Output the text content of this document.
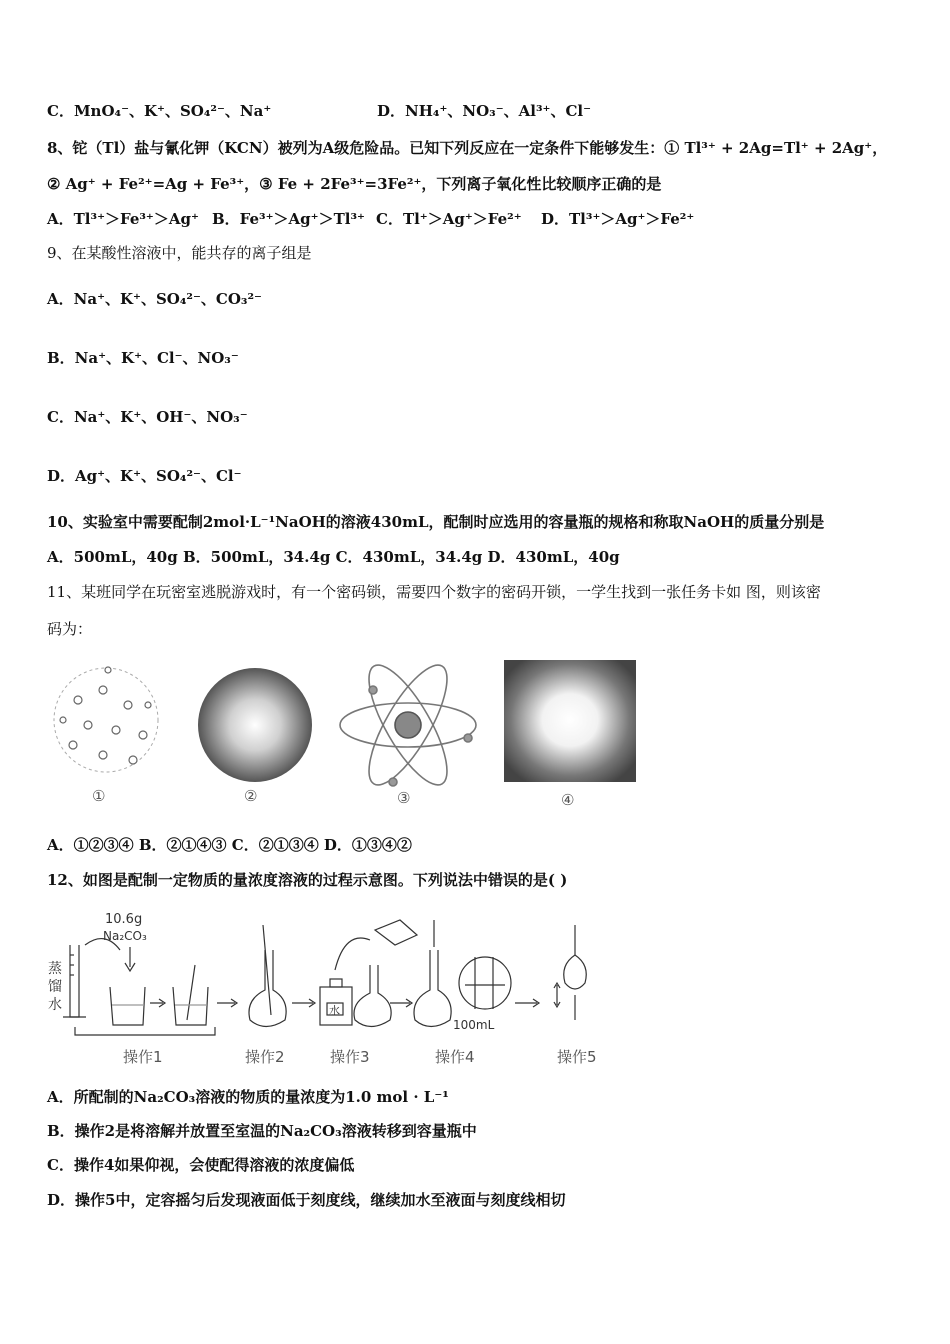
C．MnO₄⁻、K⁺、SO₄²⁻、Na⁺	D．NH₄⁺、NO₃⁻、Al³⁺、Cl⁻
8、铊（Tl）盐与氰化钾（KCN）被列为A级危险品。已知下列反应在一定条件下能够发生：① Tl³⁺ + 2Ag=Tl⁺ + 2Ag⁺，
② Ag⁺ + Fe²⁺=Ag + Fe³⁺，③ Fe + 2Fe³⁺=3Fe²⁺，下列离子氧化性比较顺序正确的是
A．Tl³⁺＞Fe³⁺＞Ag⁺ B．Fe³⁺＞Ag⁺＞Tl³⁺ C．Tl⁺＞Ag⁺＞Fe²⁺ D．Tl³⁺＞Ag⁺＞Fe²⁺
9、在某酸性溶液中，能共存的离子组是
A．Na⁺、K⁺、SO₄²⁻、CO₃²⁻
B．Na⁺、K⁺、Cl⁻、NO₃⁻
C．Na⁺、K⁺、OH⁻、NO₃⁻
D．Ag⁺、K⁺、SO₄²⁻、Cl⁻
10、实验室中需要配制2mol·L⁻¹NaOH的溶液430mL，配制时应选用的容量瓶的规格和称取NaOH的质量分别是
A．500mL，40g B．500mL，34.4g C．430mL，34.4g D．430mL，40g
11、某班同学在玩密室逃脱游戏时，有一个密码锁，需要四个数字的密码开锁，一学生找到一张任务卡如 图，则该密
码为：
①	②	③	④
A．①②③④ B．②①④③ C．②①③④ D．①③④②
12、如图是配制一定物质的量浓度溶液的过程示意图。下列说法中错误的是( )
10.6g
Na₂CO₃
蒸
馏
水	水
100mL
操作1	操作2	操作3	操作4	操作5
A．所配制的Na₂CO₃溶液的物质的量浓度为1.0 mol · L⁻¹
B．操作2是将溶解并放置至室温的Na₂CO₃溶液转移到容量瓶中
C．操作4如果仰视，会使配得溶液的浓度偏低
D．操作5中，定容摇匀后发现液面低于刻度线，继续加水至液面与刻度线相切
